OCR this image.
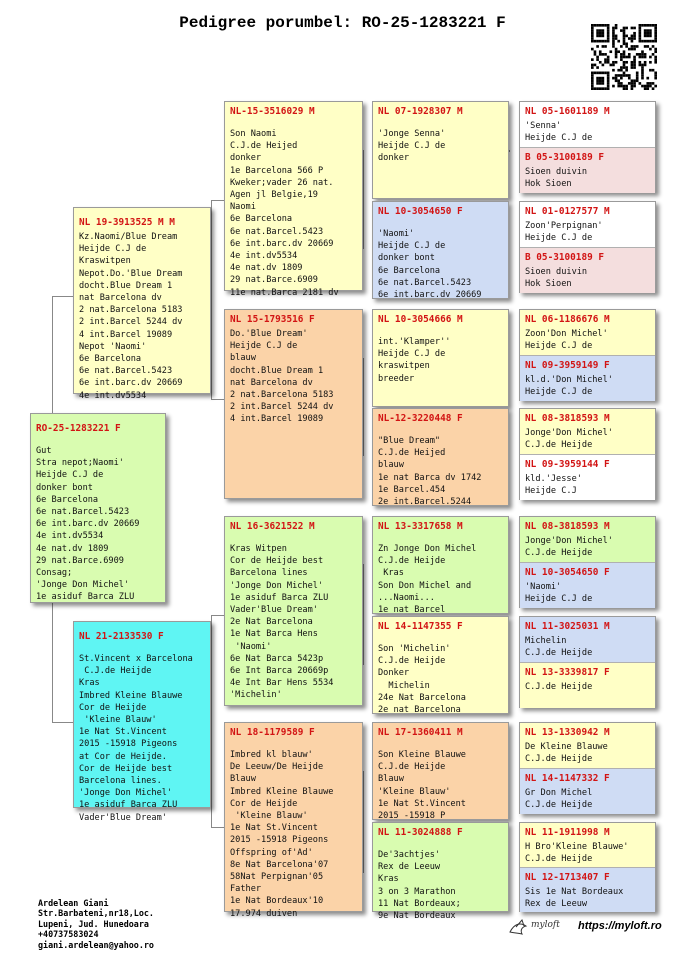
Pedigree porumbel: RO-25-1283221 F
RO-25-1283221 F
Gut
Stra nepot;Naomi'
Heijde C.J de
donker bont
6e Barcelona
6e nat.Barcel.5423
6e int.barc.dv 20669
4e int.dv5534
4e nat.dv 1809
29 nat.Barce.6909
Consag;
'Jonge Don Michel'
1e asiduf Barca ZLU
NL 19-3913525 M M
Kz.Naomi/Blue Dream
Heijde C.J de
Kraswitpen
Nepot.Do.'Blue Dream
docht.Blue Dream 1
nat Barcelona dv
2 nat.Barcelona 5183
2 int.Barcel 5244 dv
4 int.Barcel 19089
Nepot 'Naomi'
6e Barcelona
6e nat.Barcel.5423
6e int.barc.dv 20669
4e int.dv5534
NL 21-2133530 F
St.Vincent x Barcelona
C.J.de Heijde
Kras
Imbred Kleine Blauwe
Cor de Heijde
'Kleine Blauw'
1e Nat St.Vincent
2015 -15918 Pigeons
at Cor de Heijde.
Cor de Heijde best
Barcelona lines.
'Jonge Don Michel'
1e asiduf Barca ZLU
Vader'Blue Dream'
NL-15-3516029 M
Son Naomi
C.J.de Heijed
donker
1e Barcelona 566 P
Kweker;vader 26 nat.
Agen jl Belgie,19
Naomi
6e Barcelona
6e nat.Barcel.5423
6e int.barc.dv 20669
4e int.dv5534
4e nat.dv 1809
29 nat.Barce.6909
11e nat.Barca 2181 dv
NL 15-1793516 F
Do.'Blue Dream'
Heijde C.J de
blauw
docht.Blue Dream 1
nat Barcelona dv
2 nat.Barcelona 5183
2 int.Barcel 5244 dv
4 int.Barcel 19089
NL 16-3621522 M
Kras Witpen
Cor de Heijde best
Barcelona lines
'Jonge Don Michel'
1e asiduf Barca ZLU
Vader'Blue Dream'
2e Nat Barcelona
1e Nat Barca Hens
'Naomi'
6e Nat Barca 5423p
6e Int Barca 20669p
4e Int Bar Hens 5534
'Michelin'
NL 18-1179589 F
Imbred kl blauw'
De Leeuw/De Heijde
Blauw
Imbred Kleine Blauwe
Cor de Heijde
'Kleine Blauw'
1e Nat St.Vincent
2015 -15918 Pigeons
Offspring of'Ad'
8e Nat Barcelona'07
58Nat Perpignan'05
Father
1e Nat Bordeaux'10
17.974 duiven
NL 07-1928307 M
'Jonge Senna'
Heijde C.J de
donker
NL 10-3054650 F
'Naomi'
Heijde C.J de
donker bont
6e Barcelona
6e nat.Barcel.5423
6e int.barc.dv 20669
NL 10-3054666 M
int.'Klamper''
Heijde C.J de
kraswitpen
breeder
NL-12-3220448 F
"Blue Dream"
C.J.de Heijed
blauw
1e nat Barca dv 1742
1e Barcel.454
2e int.Barcel.5244
NL 13-3317658 M
Zn Jonge Don Michel
C.J.de Heijde
Kras
Son Don Michel and
...Naomi...
1e nat Barcel
NL 14-1147355 F
Son 'Michelin'
C.J.de Heijde
Donker
Michelin
24e Nat Barcelona
2e nat Barcelona
NL 17-1360411 M
Son Kleine Blauwe
C.J.de Heijde
Blauw
'Kleine Blauw'
1e Nat St.Vincent
2015 -15918 P
NL 11-3024888 F
De'3achtjes'
Rex de Leeuw
Kras
3 on 3 Marathon
11 Nat Bordeaux;
9e Nat Bordeaux
NL 05-1601189 M
'Senna'
Heijde C.J de
B 05-3100189 F
Sioen duivin
Hok Sioen
NL 01-0127577 M
Zoon'Perpignan'
Heijde C.J de
B 05-3100189 F
Sioen duivin
Hok Sioen
NL 06-1186676 M
Zoon'Don Michel'
Heijde C.J de
NL 09-3959149 F
kl.d.'Don Michel'
Heijde C.J de
NL 08-3818593 M
Jonge'Don Michel'
C.J.de Heijde
NL 09-3959144 F
kld.'Jesse'
Heijde C.J
NL 08-3818593 M
Jonge'Don Michel'
C.J.de Heijde
NL 10-3054650 F
'Naomi'
Heijde C.J de
NL 11-3025031 M
Michelin
C.J.de Heijde
NL 13-3339817 F
C.J.de Heijde
NL 13-1330942 M
De Kleine Blauwe
C.J.de Heijde
NL 14-1147332 F
Gr Don Michel
C.J.de Heijde
NL 11-1911998 M
H Bro'Kleine Blauwe'
C.J.de Heijde
NL 12-1713407 F
Sis 1e Nat Bordeaux
Rex de Leeuw

Ardelean Giani
Str.Barbateni,nr18,Loc.
Lupeni, Jud. Hunedoara
+40737583024
giani.ardelean@yahoo.ro

myloft https://myloft.ro
